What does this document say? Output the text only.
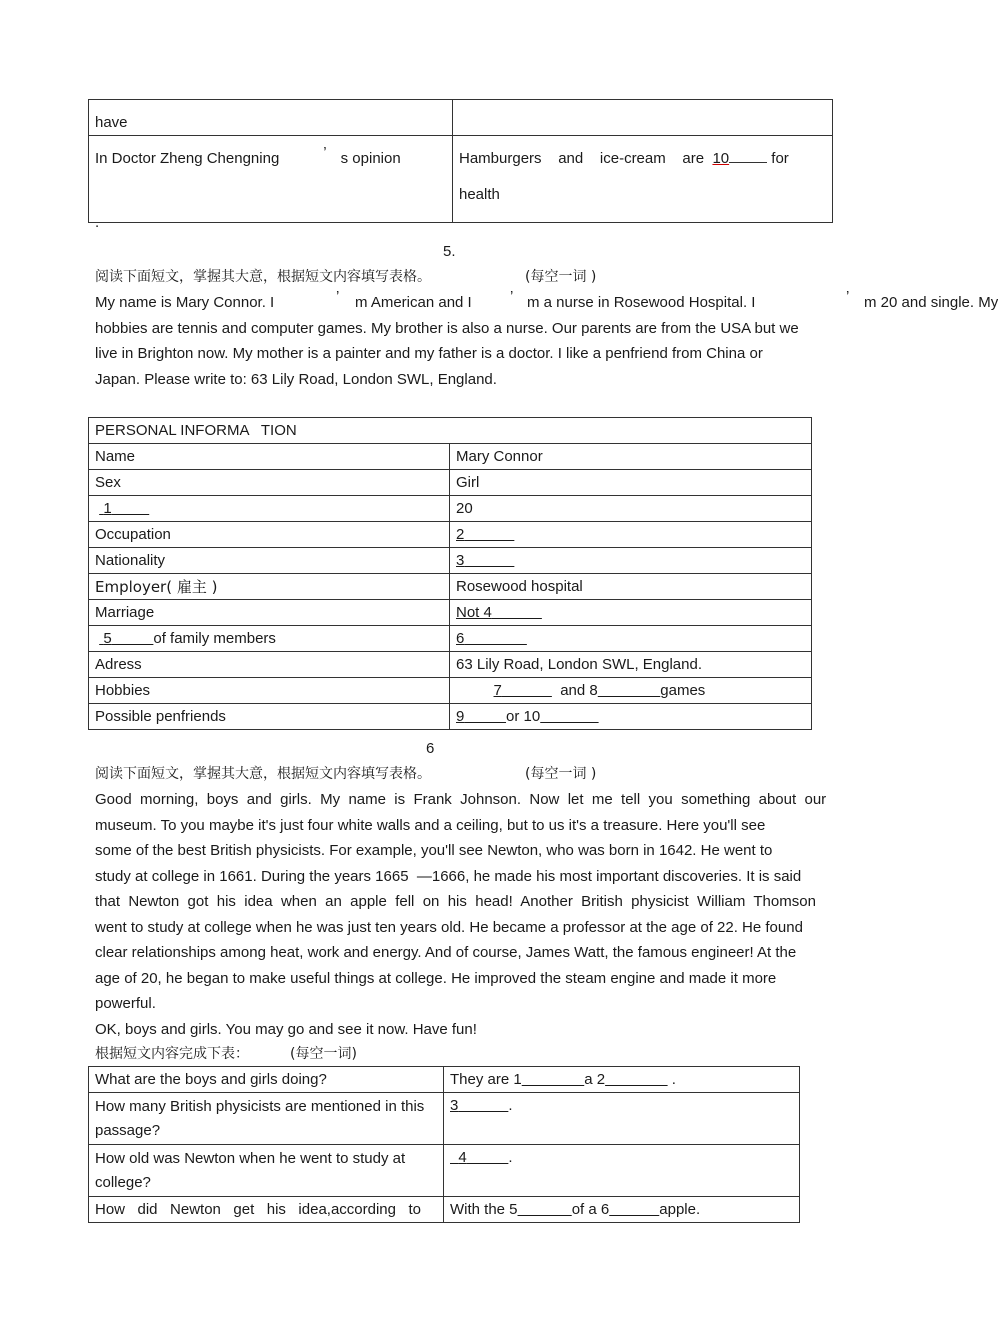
have	
In Doctor Zheng Chengning ’ s opinion	Hamburgers    and    ice-cream    are 10 for
health
.
5.
阅读下面短文，掌握其大意，根据短文内容填写表格。	(每空一词 )
My name is Mary Connor. I	’ m American and I	’ m a nurse in Rosewood Hospital. I	’ m 20 and single. My
hobbies are tennis and computer games. My brother is also a nurse. Our parents are from the USA but we
live in Brighton now. My mother is a painter and my father is a doctor. I like a penfriend from China or
Japan. Please write to: 63 Lily Road, London SWL, England.
PERSONAL INFORMA   TION	
Name	Mary Connor
Sex	Girl
1	20
Occupation	2
Nationality	3
Employer( 雇主 )	Rosewood hospital
Marriage	Not 4
5 of family members	6
Adress	63 Lily Road, London SWL, England.
Hobbies	7 and 8 games
Possible penfriends	9 or 10
6
阅读下面短文，掌握其大意，根据短文内容填写表格。	(每空一词 )
Good  morning,  boys  and  girls.  My  name  is  Frank  Johnson.  Now  let  me  tell  you  something  about  our
museum. To you maybe it's just four white walls and a ceiling, but to us it's a treasure. Here you'll see
some of the best British physicists. For example, you'll see Newton, who was born in 1642. He went to
study at college in 1661. During the years 1665  —1666, he made his most important discoveries. It is said
that  Newton  got  his  idea  when  an  apple  fell  on  his  head!  Another  British  physicist  William  Thomson
went to study at college when he was just ten years old. He became a professor at the age of 22. He found
clear relationships among heat, work and energy. And of course, James Watt, the famous engineer! At the
age of 20, he began to make useful things at college. He improved the steam engine and made it more
powerful.
OK, boys and girls. You may go and see it now. Have fun!
根据短文内容完成下表：	(每空一词)
What are the boys and girls doing?	They are 1 a 2 .
How many British physicists are mentioned in this passage?	3 .
How old was Newton when he went to study at college?	4 .
How   did   Newton   get   his   idea,according   to	With the 5 of a 6 apple.
